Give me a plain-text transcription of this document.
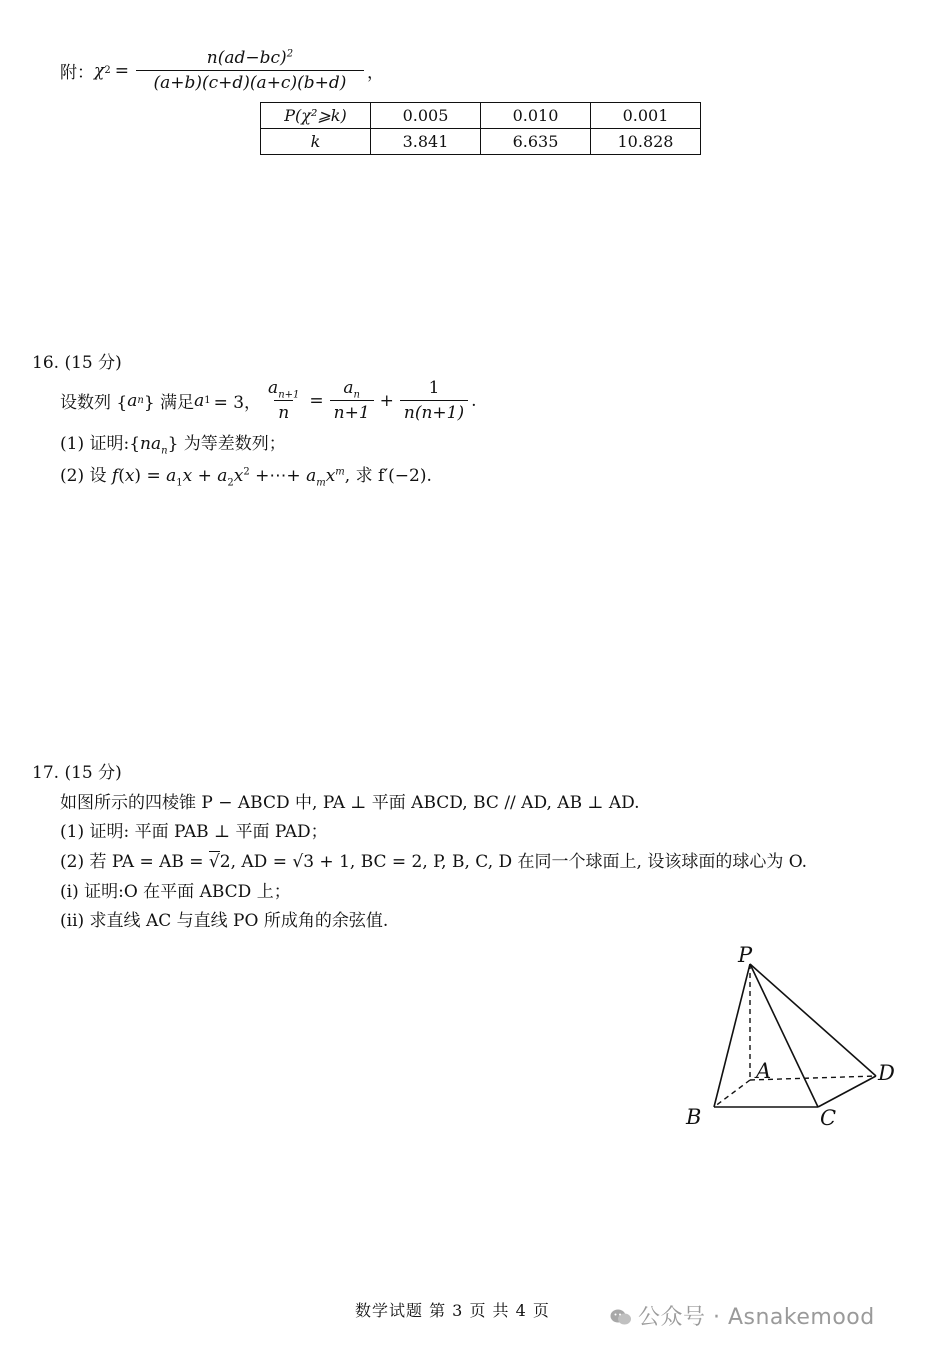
附： χ $2 = \frac{n(ad-bc)^2}{(a+b)(c+d)(a+c)(b+d)}$ ，
P(χ²⩾k)	0.005	0.010	0.001
k	3.841	6.635	10.828
16. (15 分)
设数列 { a n } 满足 a 1 = 3， $\frac{a_{n+1}}{n} = \frac{a_n}{n+1} + \frac{1}{n(n+1)}$ .
(1) 证明$:\{na_n\}$ 为等差数列；
(2) 设 $f(x) = a_1x + a_2x^2$ +⋯+ $a_mx^m$, 求 f′(−2).
17. (15 分)
如图所示的四棱锥 P − ABCD 中, PA ⊥ 平面 ABCD, BC // AD, AB ⊥ AD.
(1) 证明: 平面 PAB ⊥ 平面 PAD；
(2) 若 PA = AB = √2, AD = √3 + 1, BC = 2, P, B, C, D 在同一个球面上, 设该球面的球心为 O.
(i) 证明:O 在平面 ABCD 上；
(ii) 求直线 AC 与直线 PO 所成角的余弦值.
P
A
B	C
D
数学试题 第 3 页 共 4 页	公众号 · Asnakemood
